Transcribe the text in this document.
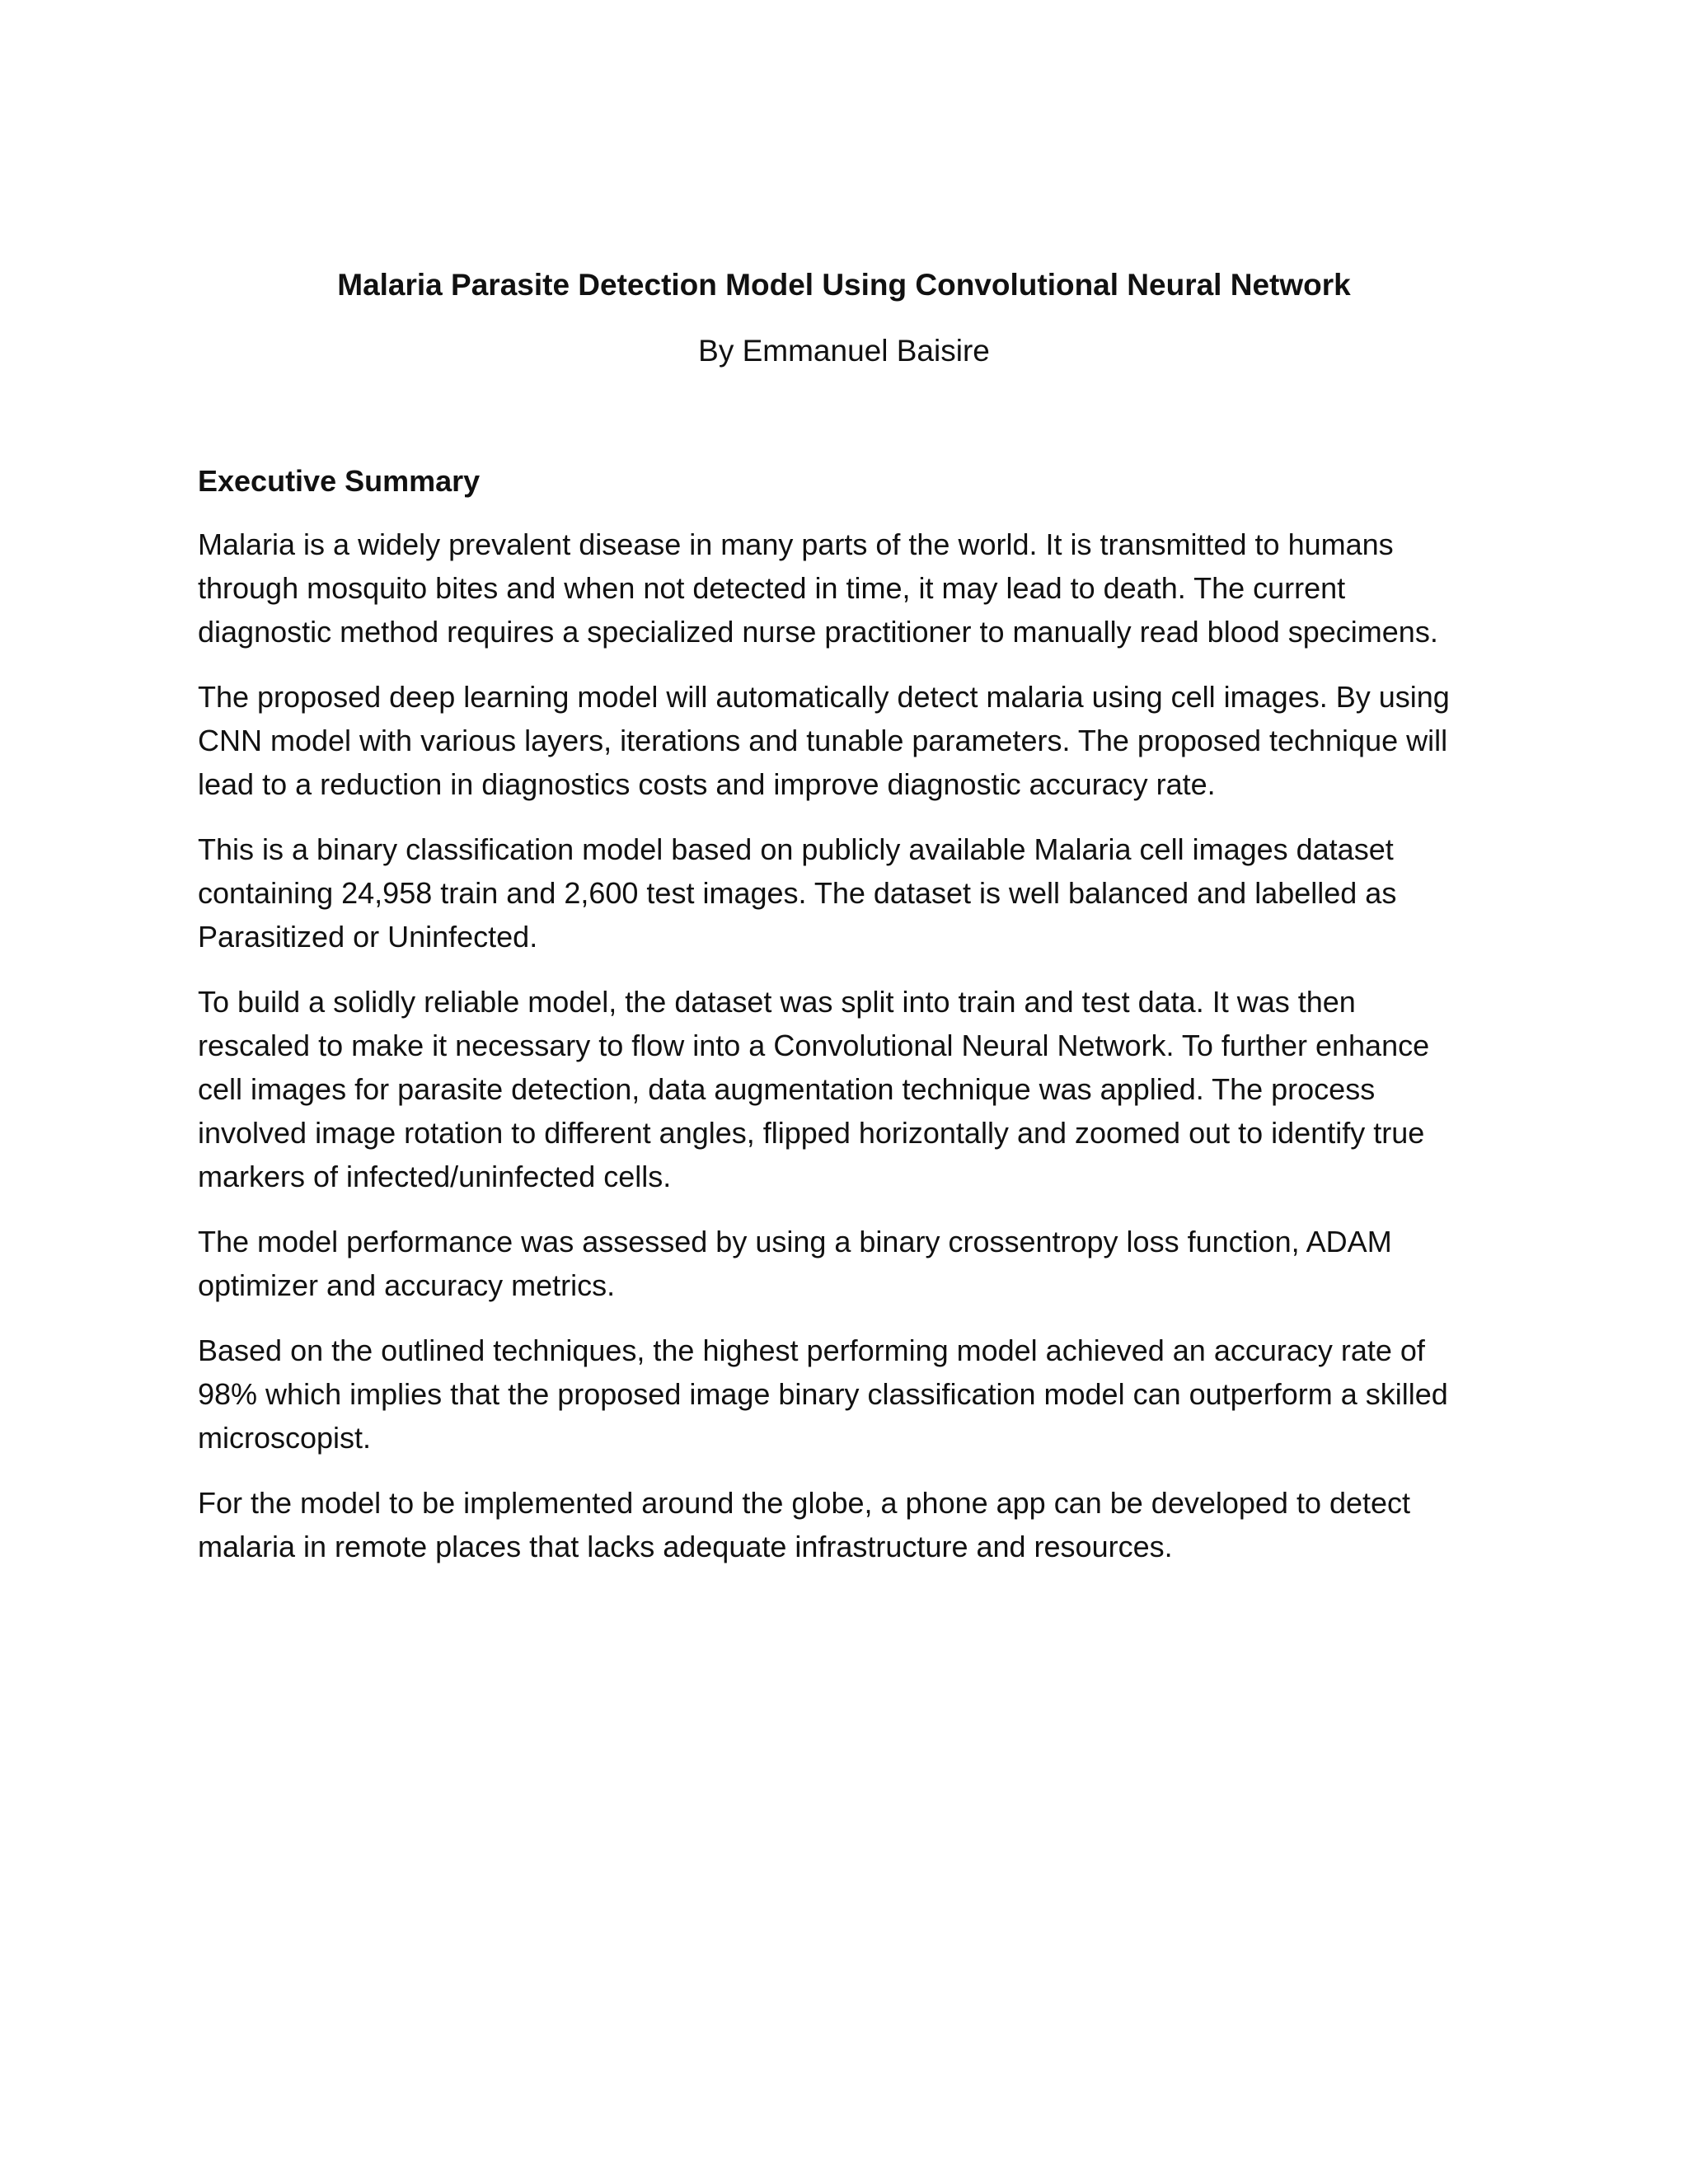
Malaria Parasite Detection Model Using Convolutional Neural Network
By Emmanuel Baisire
Executive Summary
Malaria is a widely prevalent disease in many parts of the world. It is transmitted to humans
through mosquito bites and when not detected in time, it may lead to death. The current
diagnostic method requires a specialized nurse practitioner to manually read blood specimens.
The proposed deep learning model will automatically detect malaria using cell images. By using
CNN model with various layers, iterations and tunable parameters. The proposed technique will
lead to a reduction in diagnostics costs and improve diagnostic accuracy rate.
This is a binary classification model based on publicly available Malaria cell images dataset
containing 24,958 train and 2,600 test images. The dataset is well balanced and labelled as
Parasitized or Uninfected.
To build a solidly reliable model, the dataset was split into train and test data. It was then
rescaled to make it necessary to flow into a Convolutional Neural Network. To further enhance
cell images for parasite detection, data augmentation technique was applied. The process
involved image rotation to different angles, flipped horizontally and zoomed out to identify true
markers of infected/uninfected cells.
The model performance was assessed by using a binary crossentropy loss function, ADAM
optimizer and accuracy metrics.
Based on the outlined techniques, the highest performing model achieved an accuracy rate of
98% which implies that the proposed image binary classification model can outperform a skilled
microscopist.
For the model to be implemented around the globe, a phone app can be developed to detect
malaria in remote places that lacks adequate infrastructure and resources.
